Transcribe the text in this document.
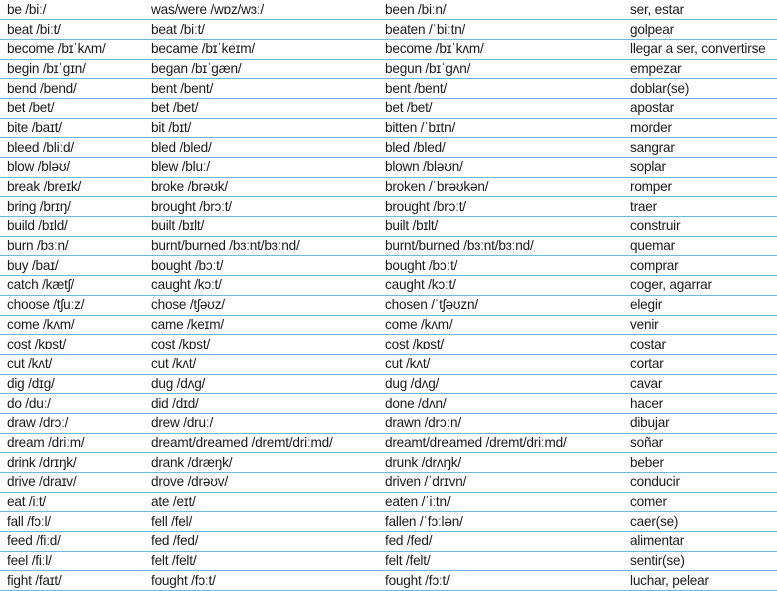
be /biː/	was/were /wɒz/wɜː/	been /biːn/	ser, estar
beat /biːt/	beat /biːt/	beaten /ˈbiːtn/	golpear
become /bɪˈkʌm/	became /bɪˈkeɪm/	become /bɪˈkʌm/	llegar a ser, convertirse
begin /bɪˈgɪn/	began /bɪˈgæn/	begun /bɪˈgʌn/	empezar
bend /bend/	bent /bent/	bent /bent/	doblar(se)
bet /bet/	bet /bet/	bet /bet/	apostar
bite /baɪt/	bit /bɪt/	bitten /ˈbɪtn/	morder
bleed /bliːd/	bled /bled/	bled /bled/	sangrar
blow /bləʊ/	blew /bluː/	blown /bləʊn/	soplar
break /breɪk/	broke /brəʊk/	broken /ˈbrəʊkən/	romper
bring /brɪŋ/	brought /brɔːt/	brought /brɔːt/	traer
build /bɪld/	built /bɪlt/	built /bɪlt/	construir
burn /bɜːn/	burnt/burned /bɜːnt/bɜːnd/	burnt/burned /bɜːnt/bɜːnd/	quemar
buy /baɪ/	bought /bɔːt/	bought /bɔːt/	comprar
catch /kætʃ/	caught /kɔːt/	caught /kɔːt/	coger, agarrar
choose /tʃuːz/	chose /tʃəʊz/	chosen /ˈtʃəʊzn/	elegir
come /kʌm/	came /keɪm/	come /kʌm/	venir
cost /kɒst/	cost /kɒst/	cost /kɒst/	costar
cut /kʌt/	cut /kʌt/	cut /kʌt/	cortar
dig /dɪg/	dug /dʌg/	dug /dʌg/	cavar
do /duː/	did /dɪd/	done /dʌn/	hacer
draw /drɔː/	drew /druː/	drawn /drɔːn/	dibujar
dream /driːm/	dreamt/dreamed /dremt/driːmd/	dreamt/dreamed /dremt/driːmd/	soñar
drink /drɪŋk/	drank /dræŋk/	drunk /drʌŋk/	beber
drive /draɪv/	drove /drəʊv/	driven /ˈdrɪvn/	conducir
eat /iːt/	ate /eɪt/	eaten /ˈiːtn/	comer
fall /fɔːl/	fell /fel/	fallen /ˈfɔːlən/	caer(se)
feed /fiːd/	fed /fed/	fed /fed/	alimentar
feel /fiːl/	felt /felt/	felt /felt/	sentir(se)
fight /faɪt/	fought /fɔːt/	fought /fɔːt/	luchar, pelear
